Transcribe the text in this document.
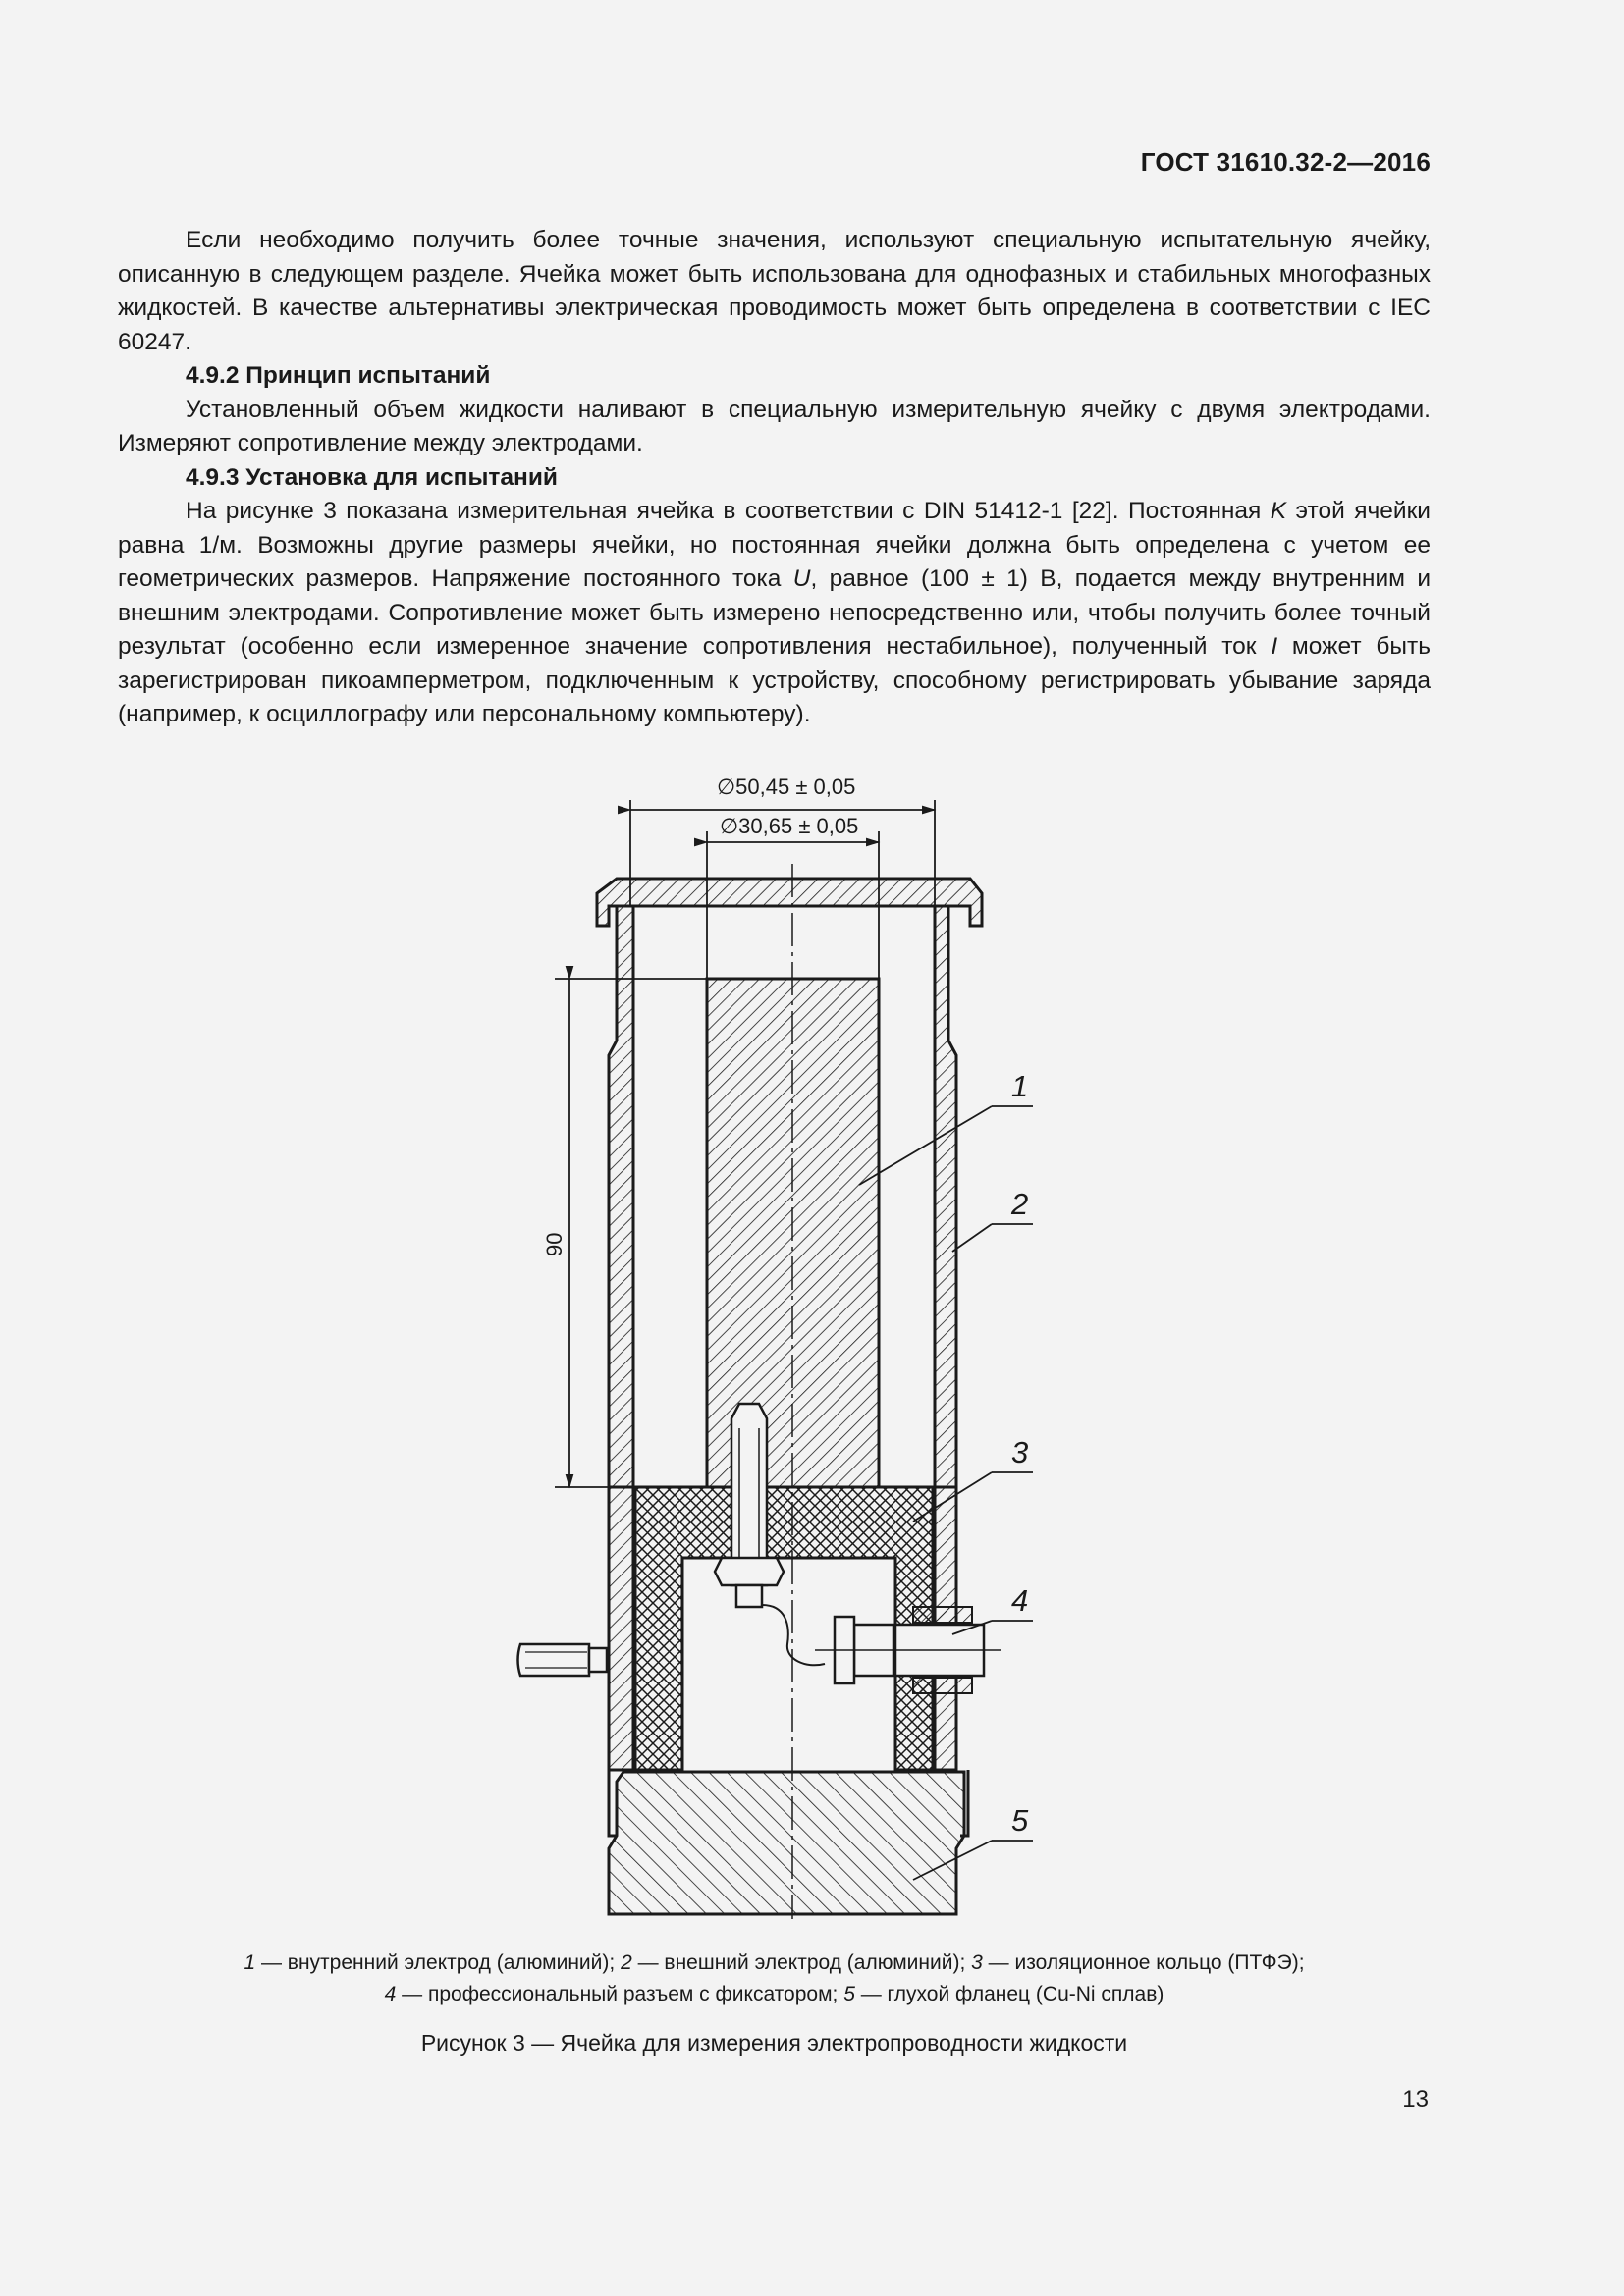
ГОСТ 31610.32-2—2016

Если необходимо получить более точные значения, используют специальную испытательную ячейку, описанную в следующем разделе. Ячейка может быть использована для однофазных и стабильных многофазных жидкостей. В качестве альтернативы электрическая проводимость может быть определена в соответствии с IEC 60247.

4.9.2 Принцип испытаний

Установленный объем жидкости наливают в специальную измерительную ячейку с двумя электродами. Измеряют сопротивление между электродами.

4.9.3 Установка для испытаний

На рисунке 3 показана измерительная ячейка в соответствии с DIN 51412-1 [22]. Постоянная K этой ячейки равна 1/м. Возможны другие размеры ячейки, но постоянная ячейки должна быть определена с учетом ее геометрических размеров. Напряжение постоянного тока U, равное (100 ± 1) В, подается между внутренним и внешним электродами. Сопротивление может быть измерено непосредственно или, чтобы получить более точный результат (особенно если измеренное значение сопротивления нестабильное), полученный ток I может быть зарегистрирован пикоамперметром, подключенным к устройству, способному регистрировать убывание заряда (например, к осциллографу или персональному компьютеру).

∅50,45 ± 0,05
∅30,65 ± 0,05
90
1
2
3
4
5
1 — внутренний электрод (алюминий); 2 — внешний электрод (алюминий); 3 — изоляционное кольцо (ПТФЭ);
4 — профессиональный разъем с фиксатором; 5 — глухой фланец (Cu-Ni сплав)
Рисунок 3 — Ячейка для измерения электропроводности жидкости
13
